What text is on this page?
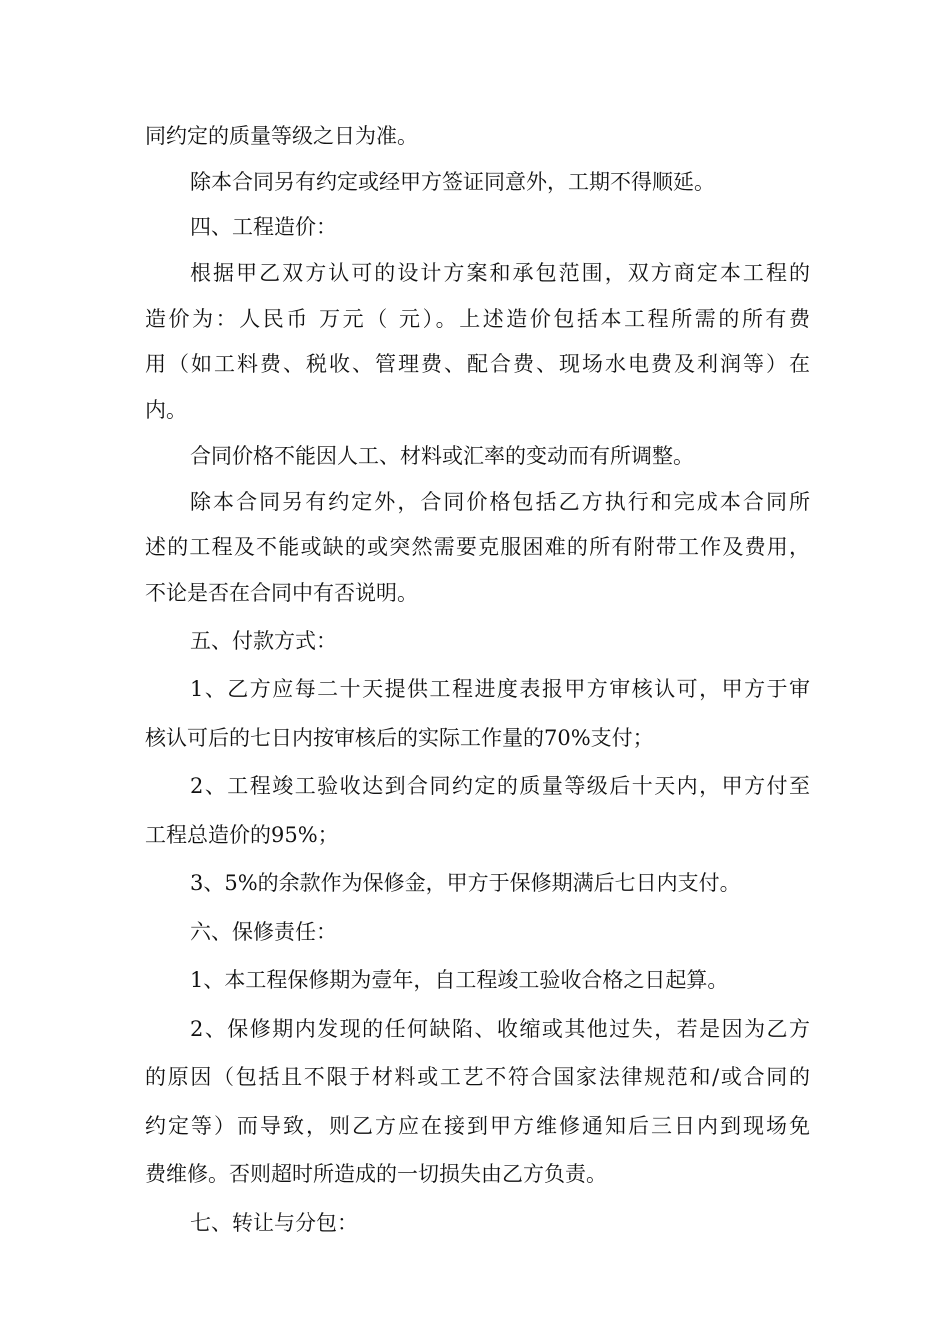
同约定的质量等级之日为准。
除本合同另有约定或经甲方签证同意外，工期不得顺延。
四、工程造价：
根据甲乙双方认可的设计方案和承包范围，双方商定本工程的
造价为：人民币 万元（ 元）。上述造价包括本工程所需的所有费
用（如工料费、税收、管理费、配合费、现场水电费及利润等）在
内。
合同价格不能因人工、材料或汇率的变动而有所调整。
除本合同另有约定外，合同价格包括乙方执行和完成本合同所
述的工程及不能或缺的或突然需要克服困难的所有附带工作及费用，
不论是否在合同中有否说明。
五、付款方式：
1、乙方应每二十天提供工程进度表报甲方审核认可，甲方于审
核认可后的七日内按审核后的实际工作量的70%支付；
2、工程竣工验收达到合同约定的质量等级后十天内，甲方付至
工程总造价的95%；
3、5%的余款作为保修金，甲方于保修期满后七日内支付。
六、保修责任：
1、本工程保修期为壹年，自工程竣工验收合格之日起算。
2、保修期内发现的任何缺陷、收缩或其他过失，若是因为乙方
的原因（包括且不限于材料或工艺不符合国家法律规范和/或合同的
约定等）而导致，则乙方应在接到甲方维修通知后三日内到现场免
费维修。否则超时所造成的一切损失由乙方负责。
七、转让与分包：
